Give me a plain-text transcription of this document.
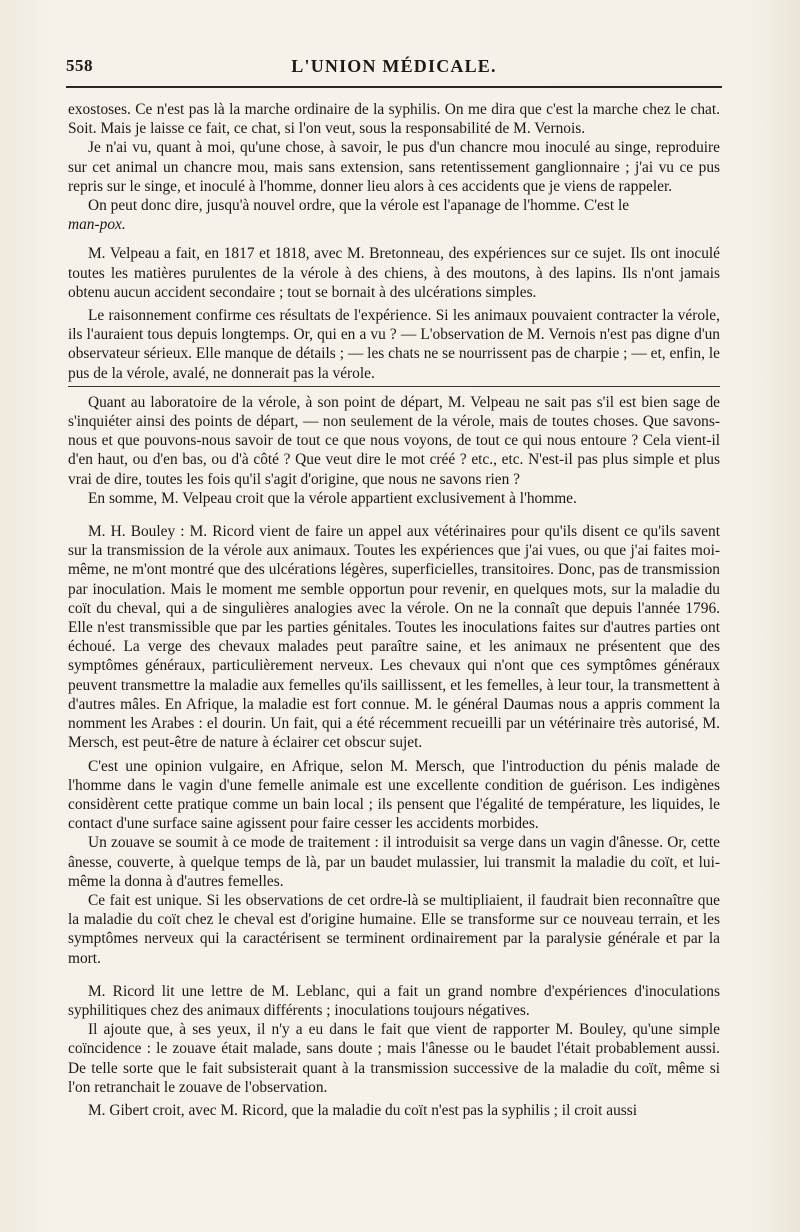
558	L'UNION MÉDICALE.

exostoses. Ce n'est pas là la marche ordinaire de la syphilis. On me dira que c'est la marche chez le chat. Soit. Mais je laisse ce fait, ce chat, si l'on veut, sous la responsabilité de M. Vernois.

Je n'ai vu, quant à moi, qu'une chose, à savoir, le pus d'un chancre mou inoculé au singe, reproduire sur cet animal un chancre mou, mais sans extension, sans retentissement ganglionnaire ; j'ai vu ce pus repris sur le singe, et inoculé à l'homme, donner lieu alors à ces accidents que je viens de rappeler.

On peut donc dire, jusqu'à nouvel ordre, que la vérole est l'apanage de l'homme. C'est le

man-pox.

M. Velpeau a fait, en 1817 et 1818, avec M. Bretonneau, des expériences sur ce sujet. Ils ont inoculé toutes les matières purulentes de la vérole à des chiens, à des moutons, à des lapins. Ils n'ont jamais obtenu aucun accident secondaire ; tout se bornait à des ulcérations simples.

Le raisonnement confirme ces résultats de l'expérience. Si les animaux pouvaient contracter la vérole, ils l'auraient tous depuis longtemps. Or, qui en a vu ? — L'observation de M. Vernois n'est pas digne d'un observateur sérieux. Elle manque de détails ; — les chats ne se nourrissent pas de charpie ; — et, enfin, le pus de la vérole, avalé, ne donnerait pas la vérole.

Quant au laboratoire de la vérole, à son point de départ, M. Velpeau ne sait pas s'il est bien sage de s'inquiéter ainsi des points de départ, — non seulement de la vérole, mais de toutes choses. Que savons-nous et que pouvons-nous savoir de tout ce que nous voyons, de tout ce qui nous entoure ? Cela vient-il d'en haut, ou d'en bas, ou d'à côté ? Que veut dire le mot créé ? etc., etc. N'est-il pas plus simple et plus vrai de dire, toutes les fois qu'il s'agit d'origine, que nous ne savons rien ?

En somme, M. Velpeau croit que la vérole appartient exclusivement à l'homme.

M. H. Bouley : M. Ricord vient de faire un appel aux vétérinaires pour qu'ils disent ce qu'ils savent sur la transmission de la vérole aux animaux. Toutes les expériences que j'ai vues, ou que j'ai faites moi-même, ne m'ont montré que des ulcérations légères, superficielles, transitoires. Donc, pas de transmission par inoculation. Mais le moment me semble opportun pour revenir, en quelques mots, sur la maladie du coït du cheval, qui a de singulières analogies avec la vérole. On ne la connaît que depuis l'année 1796. Elle n'est transmissible que par les parties génitales. Toutes les inoculations faites sur d'autres parties ont échoué. La verge des chevaux malades peut paraître saine, et les animaux ne présentent que des symptômes généraux, particulièrement nerveux. Les chevaux qui n'ont que ces symptômes généraux peuvent transmettre la maladie aux femelles qu'ils saillissent, et les femelles, à leur tour, la transmettent à d'autres mâles. En Afrique, la maladie est fort connue. M. le général Daumas nous a appris comment la nomment les Arabes : el dourin. Un fait, qui a été récemment recueilli par un vétérinaire très autorisé, M. Mersch, est peut-être de nature à éclairer cet obscur sujet.

C'est une opinion vulgaire, en Afrique, selon M. Mersch, que l'introduction du pénis malade de l'homme dans le vagin d'une femelle animale est une excellente condition de guérison. Les indigènes considèrent cette pratique comme un bain local ; ils pensent que l'égalité de température, les liquides, le contact d'une surface saine agissent pour faire cesser les accidents morbides.

Un zouave se soumit à ce mode de traitement : il introduisit sa verge dans un vagin d'ânesse. Or, cette ânesse, couverte, à quelque temps de là, par un baudet mulassier, lui transmit la maladie du coït, et lui-même la donna à d'autres femelles.

Ce fait est unique. Si les observations de cet ordre-là se multipliaient, il faudrait bien reconnaître que la maladie du coït chez le cheval est d'origine humaine. Elle se transforme sur ce nouveau terrain, et les symptômes nerveux qui la caractérisent se terminent ordinairement par la paralysie générale et par la mort.

M. Ricord lit une lettre de M. Leblanc, qui a fait un grand nombre d'expériences d'inoculations syphilitiques chez des animaux différents ; inoculations toujours négatives.

Il ajoute que, à ses yeux, il n'y a eu dans le fait que vient de rapporter M. Bouley, qu'une simple coïncidence : le zouave était malade, sans doute ; mais l'ânesse ou le baudet l'était probablement aussi. De telle sorte que le fait subsisterait quant à la transmission successive de la maladie du coït, même si l'on retranchait le zouave de l'observation.

M. Gibert croit, avec M. Ricord, que la maladie du coït n'est pas la syphilis ; il croit aussi
